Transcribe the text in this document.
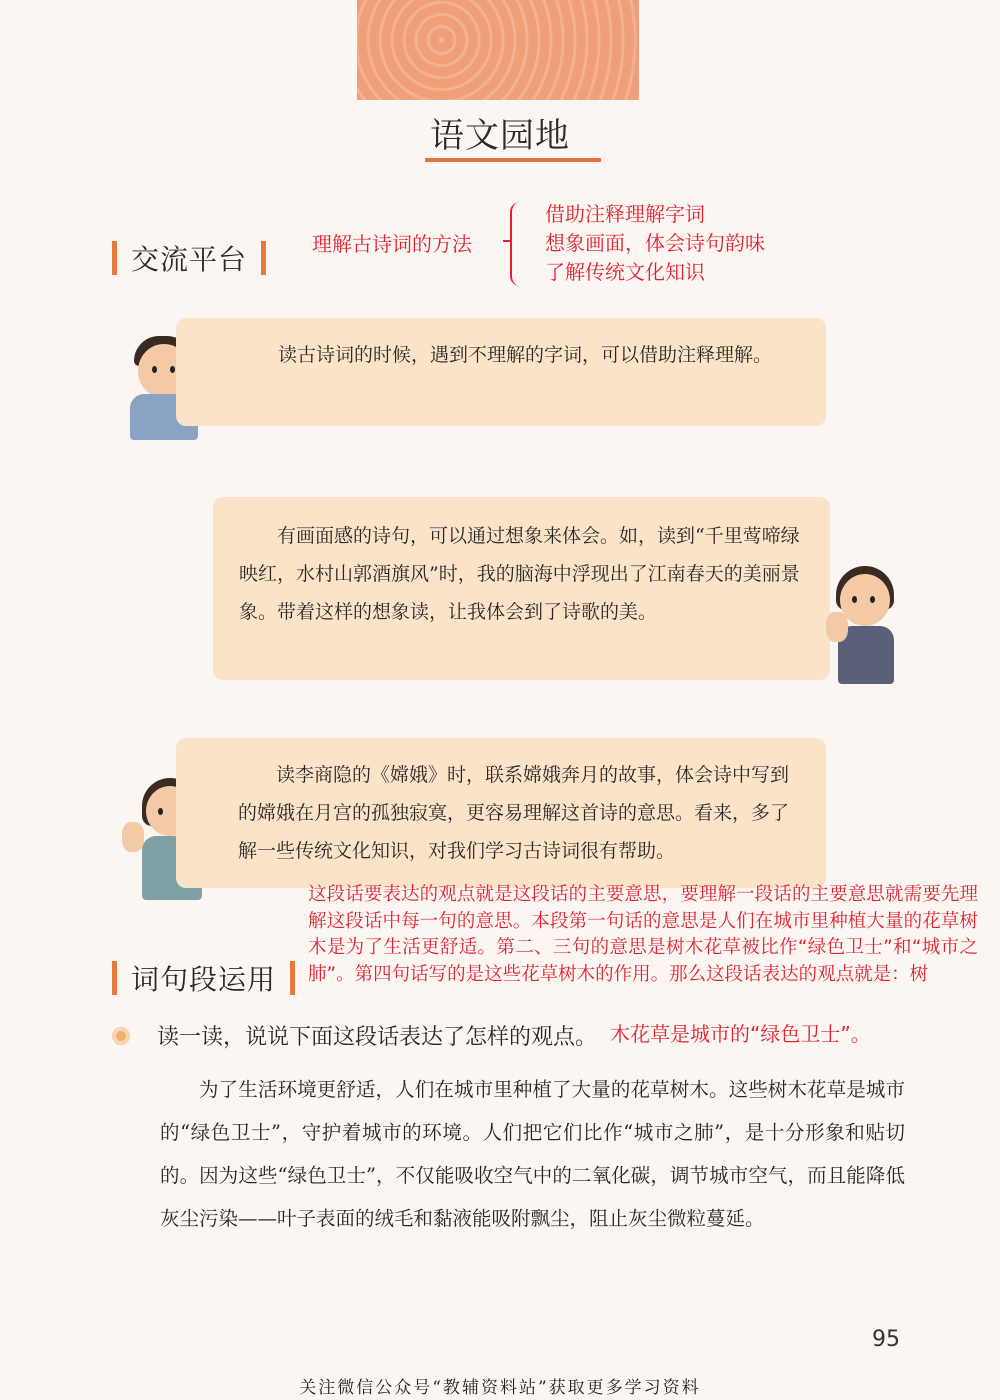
语文园地
交流平台	理解古诗词的方法
借助注释理解字词
想象画面，体会诗句韵味
了解传统文化知识

读古诗词的时候，遇到不理解的字词，可以借助注释理解。

有画面感的诗句，可以通过想象来体会。如，读到“千里莺啼绿映红，水村山郭酒旗风”时，我的脑海中浮现出了江南春天的美丽景象。带着这样的想象读，让我体会到了诗歌的美。

读李商隐的《嫦娥》时，联系嫦娥奔月的故事，体会诗中写到的嫦娥在月宫的孤独寂寞，更容易理解这首诗的意思。看来，多了解一些传统文化知识，对我们学习古诗词很有帮助。

这段话要表达的观点就是这段话的主要意思，要理解一段话的主要意思就需要先理解这段话中每一句的意思。本段第一句话的意思是人们在城市里种植大量的花草树木是为了生活更舒适。第二、三句的意思是树木花草被比作“绿色卫士”和“城市之肺”。第四句话写的是这些花草树木的作用。那么这段话表达的观点就是：树
词句段运用
读一读，说说下面这段话表达了怎样的观点。 木花草是城市的“绿色卫士”。

为了生活环境更舒适，人们在城市里种植了大量的花草树木。这些树木花草是城市的“绿色卫士”，守护着城市的环境。人们把它们比作“城市之肺”，是十分形象和贴切的。因为这些“绿色卫士”，不仅能吸收空气中的二氧化碳，调节城市空气，而且能降低灰尘污染——叶子表面的绒毛和黏液能吸附飘尘，阻止灰尘微粒蔓延。

95
关注微信公众号“教辅资料站”获取更多学习资料
